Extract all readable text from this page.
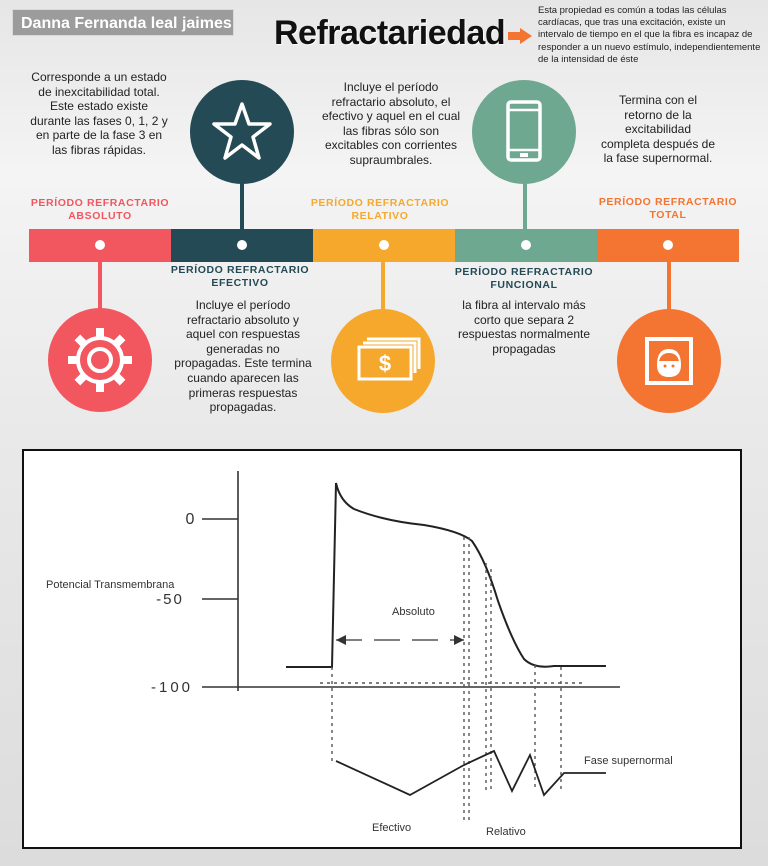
Danna Fernanda leal jaimes Refractariedad
Esta propiedad es común a todas las células cardíacas, que tras una excitación, existe un intervalo de tiempo en el que la fibra es incapaz de responder a un nuevo estímulo, independientemente de la intensidad de éste
$
PERÍODO REFRACTARIO
ABSOLUTO
PERÍODO REFRACTARIO
EFECTIVO
PERÍODO REFRACTARIO
RELATIVO
PERÍODO REFRACTARIO
FUNCIONAL
PERÍODO REFRACTARIO
TOTAL
Corresponde a un estado de inexcitabilidad total. Este estado existe durante las fases 0, 1, 2 y en parte de la fase 3 en las fibras rápidas.
Incluye el período refractario absoluto y aquel con respuestas generadas no propagadas. Este termina cuando aparecen las primeras respuestas propagadas.
Incluye el período refractario absoluto, el efectivo y aquel en el cual las fibras sólo son excitables con corrientes supraumbrales.
la fibra al intervalo más corto que separa 2 respuestas normalmente propagadas
Termina con el retorno de la excitabilidad completa después de la fase supernormal.
0
-50
-100
Potencial Transmembrana
Absoluto
Fase supernormal
Efectivo	Relativo
